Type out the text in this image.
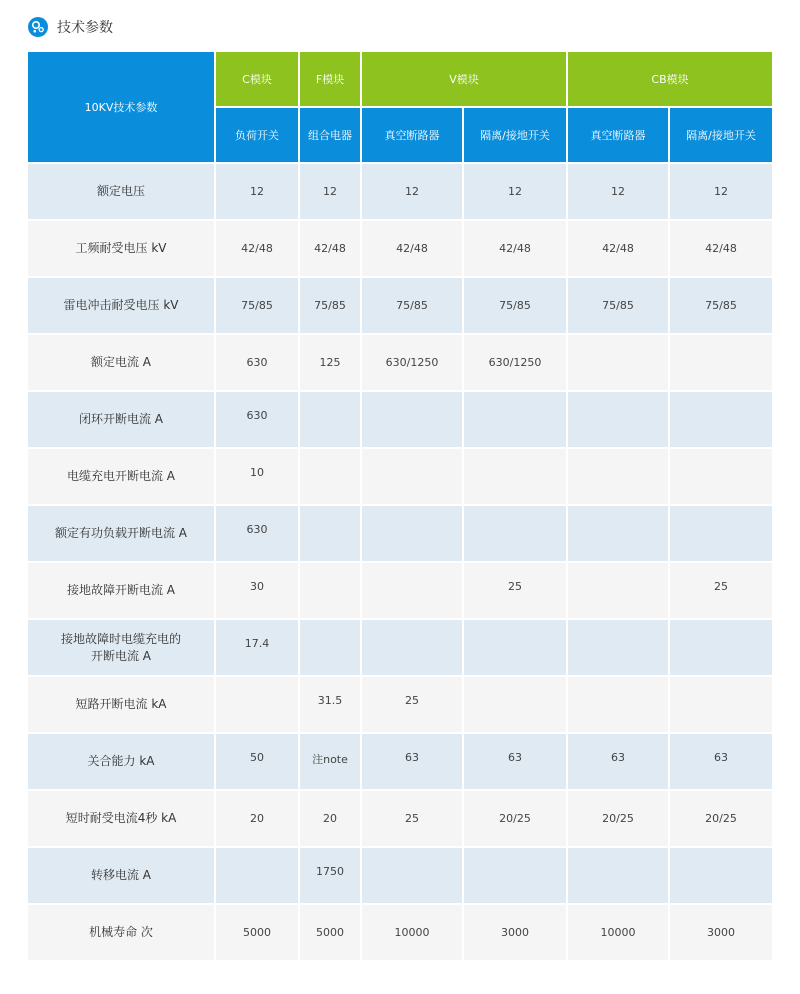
技术参数
10KV技术参数	C模块	F模块	V模块		CB模块	
	负荷开关	组合电器	真空断路器	隔离/接地开关	真空断路器	隔离/接地开关

额定电压	12	12	12	12	12	12

工频耐受电压 kV	42/48	42/48	42/48	42/48	42/48	42/48

雷电冲击耐受电压 kV	75/85	75/85	75/85	75/85	75/85	75/85

额定电流 A	630	125	630/1250	630/1250		

闭环开断电流 A	630					

电缆充电开断电流 A	10					

额定有功负载开断电流 A	630					

接地故障开断电流 A	30			25		25

接地故障时电缆充电的
开断电流 A	17.4					

短路开断电流 kA		31.5	25			

关合能力 kA	50	注note	63	63	63	63

短时耐受电流4秒 kA	20	20	25	20/25	20/25	20/25

转移电流 A		1750				

机械寿命 次	5000	5000	10000	3000	10000	3000
